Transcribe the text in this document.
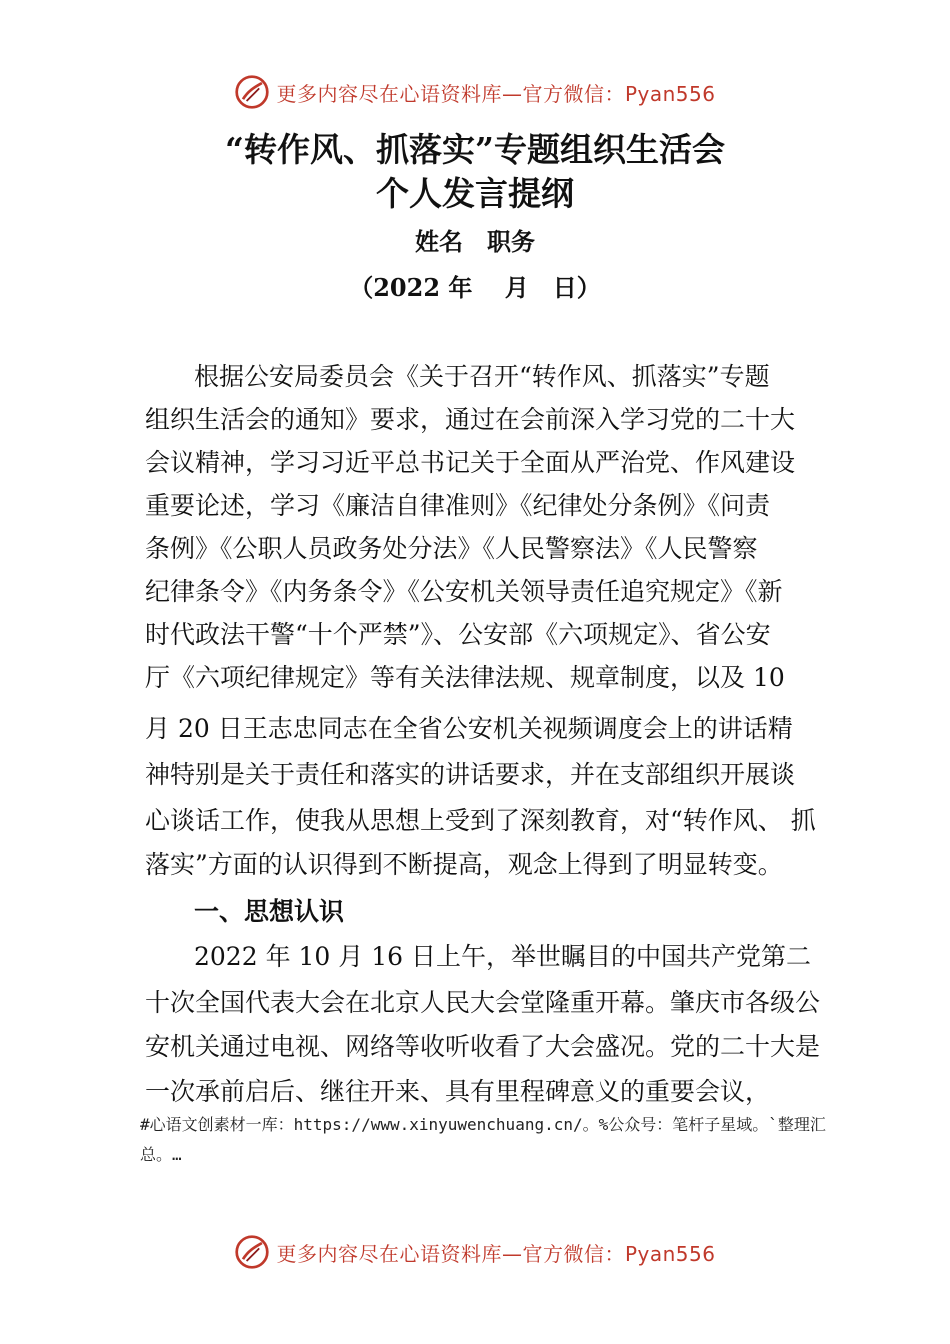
更多内容尽在心语资料库—官方微信：Pyan556
“转作风、抓落实”专题组织生活会
个人发言提纲
姓名　职务
（2022 年　 月　日）
根据公安局委员会《关于召开“转作风、抓落实”专题
组织生活会的通知》要求，通过在会前深入学习党的二十大
会议精神，学习习近平总书记关于全面从严治党、作风建设
重要论述，学习《廉洁自律准则》《纪律处分条例》《问责
条例》《公职人员政务处分法》《人民警察法》《人民警察
纪律条令》《内务条令》《公安机关领导责任追究规定》《新
时代政法干警“十个严禁”》、公安部《六项规定》、省公安
厅《六项纪律规定》等有关法律法规、规章制度，以及 10
月 20 日王志忠同志在全省公安机关视频调度会上的讲话精
神特别是关于责任和落实的讲话要求，并在支部组织开展谈
心谈话工作，使我从思想上受到了深刻教育，对“转作风、 抓
落实”方面的认识得到不断提高，观念上得到了明显转变。
一、思想认识
2022 年 10 月 16 日上午，举世瞩目的中国共产党第二
十次全国代表大会在北京人民大会堂隆重开幕。肇庆市各级公
安机关通过电视、网络等收听收看了大会盛况。党的二十大是
一次承前启后、继往开来、具有里程碑意义的重要会议，
#心语文创素材一库：https://www.xinyuwenchuang.cn/。%公众号：笔杆子星域。`整理汇
总。…
更多内容尽在心语资料库—官方微信：Pyan556
